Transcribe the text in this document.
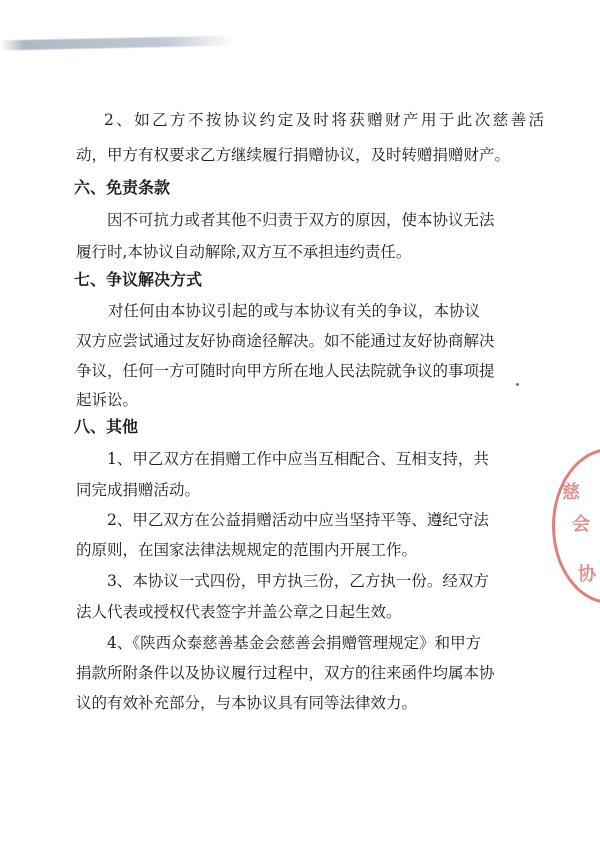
2 、 如 乙 方 不 按 协 议 约 定 及 时 将 获 赠 财 产 用 于 此 次 慈 善 活
动，甲方有权要求乙方继续履行捐赠协议，及时转赠捐赠财产。
六、免责条款
因不可抗力或者其他不归责于双方的原因，使本协议无法
履行时,本协议自动解除,双方互不承担违约责任。
七、争议解决方式
对任何由本协议引起的或与本协议有关的争议，本协议
双方应尝试通过友好协商途径解决。如不能通过友好协商解决
争议，任何一方可随时向甲方所在地人民法院就争议的事项提
起诉讼。
八、其他
1、甲乙双方在捐赠工作中应当互相配合、互相支持，共
同完成捐赠活动。
2、甲乙双方在公益捐赠活动中应当坚持平等、遵纪守法
的原则，在国家法律法规规定的范围内开展工作。
3、本协议一式四份，甲方执三份，乙方执一份。经双方
法人代表或授权代表签字并盖公章之日起生效。
4、《陕西众泰慈善基金会慈善会捐赠管理规定》和甲方
捐款所附条件以及协议履行过程中，双方的往来函件均属本协
议的有效补充部分，与本协议具有同等法律效力。
慈
会
协
